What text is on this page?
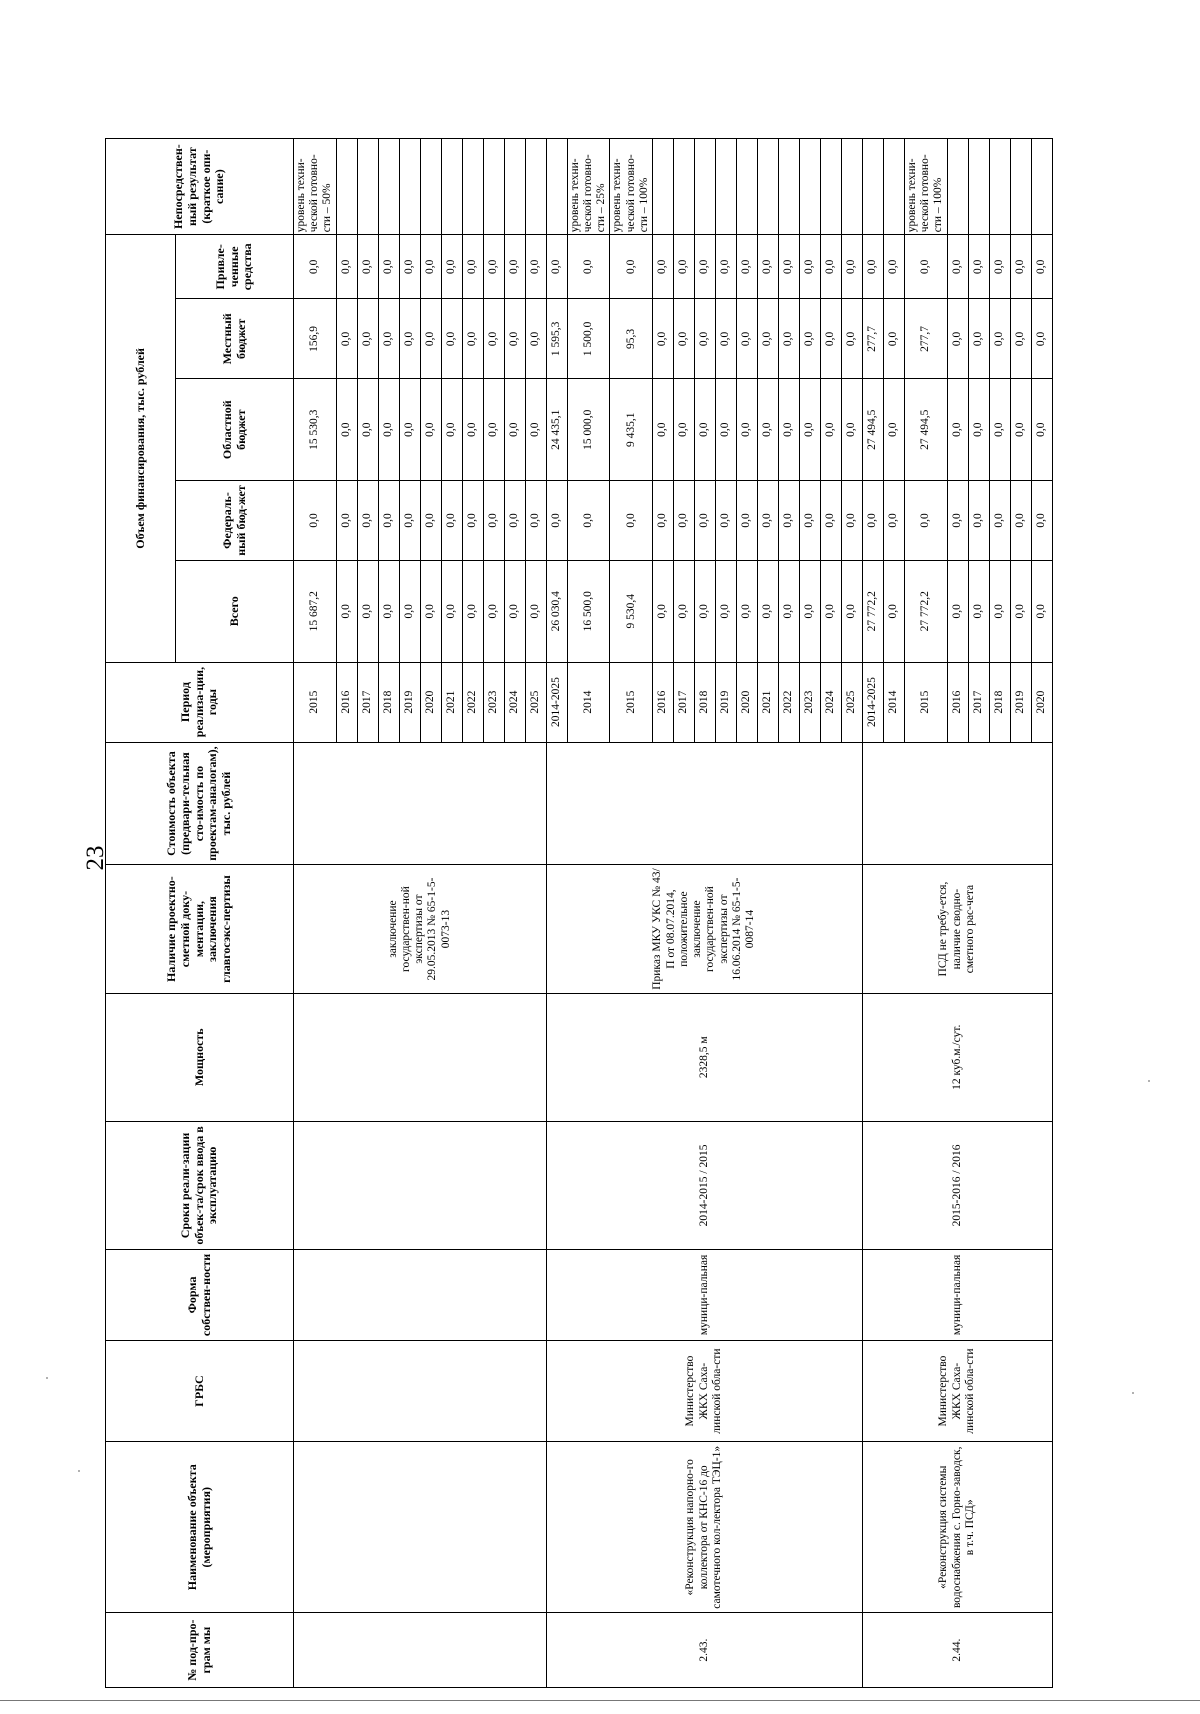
23
№ под-про-грам мы	Наименование объекта (мероприятия)	ГРБС	Форма собствен-ности	Сроки реали-зации объек-та/срок ввода в эксплуатацию	Мощность	Наличие проектно-сметной доку-ментации, заключения главгосэкс-пертизы	Стоимость объекта (предвари-тельная сто-имость по проектам-аналогам), тыс. рублей	Период реализа-ции, годы	Объем финансирования, тыс. рублей					Непосредствен-ный результат (краткое опи-сание)
									Всего	Федераль-ный бюд-жет	Областной бюджет	Местный бюджет	Привле-ченные средства	
						заключение государствен-ной экспертизы от 29.05.2013 № 65-1-5-0073-13		2015	15 687,2	0,0	15 530,3	156,9	0,0	уровень техни-ческой готовно-сти – 50%
								2016	0,0	0,0	0,0	0,0	0,0	
								2017	0,0	0,0	0,0	0,0	0,0	
								2018	0,0	0,0	0,0	0,0	0,0	
								2019	0,0	0,0	0,0	0,0	0,0	
								2020	0,0	0,0	0,0	0,0	0,0	
								2021	0,0	0,0	0,0	0,0	0,0	
								2022	0,0	0,0	0,0	0,0	0,0	
								2023	0,0	0,0	0,0	0,0	0,0	
								2024	0,0	0,0	0,0	0,0	0,0	
								2025	0,0	0,0	0,0	0,0	0,0	
2.43.	«Реконструкция напорно-го коллектора от КНС-16 до самотечного кол-лектора ТЭЦ-1»	Министерство ЖКХ Саха-линской обла-сти	муници-пальная	2014-2015 / 2015	2328,5 м	Приказ МКУ УКС № 43/П от 08.07.2014, положительное заключение государствен-ной экспертизы от 16.06.2014 № 65-1-5-0087-14		2014-2025	26 030,4	0,0	24 435,1	1 595,3	0,0	
								2014	16 500,0	0,0	15 000,0	1 500,0	0,0	уровень техни-ческой готовно-сти – 25%
								2015	9 530,4	0,0	9 435,1	95,3	0,0	уровень техни-ческой готовно-сти – 100%
								2016	0,0	0,0	0,0	0,0	0,0	
								2017	0,0	0,0	0,0	0,0	0,0	
								2018	0,0	0,0	0,0	0,0	0,0	
								2019	0,0	0,0	0,0	0,0	0,0	
								2020	0,0	0,0	0,0	0,0	0,0	
								2021	0,0	0,0	0,0	0,0	0,0	
								2022	0,0	0,0	0,0	0,0	0,0	
								2023	0,0	0,0	0,0	0,0	0,0	
								2024	0,0	0,0	0,0	0,0	0,0	
								2025	0,0	0,0	0,0	0,0	0,0	
2.44.	«Реконструкция системы водоснабжения с. Горно-заводск, в т.ч. ПСД»	Министерство ЖКХ Саха-линской обла-сти	муници-пальная	2015-2016 / 2016	12 куб.м./сут.	ПСД не требу-ется, наличие сводно-сметного рас-чета		2014-2025	27 772,2	0,0	27 494,5	277,7	0,0	
								2014	0,0	0,0	0,0	0,0	0,0	
								2015	27 772,2	0,0	27 494,5	277,7	0,0	уровень техни-ческой готовно-сти – 100%
								2016	0,0	0,0	0,0	0,0	0,0	
								2017	0,0	0,0	0,0	0,0	0,0	
								2018	0,0	0,0	0,0	0,0	0,0	
								2019	0,0	0,0	0,0	0,0	0,0	
								2020	0,0	0,0	0,0	0,0	0,0	
